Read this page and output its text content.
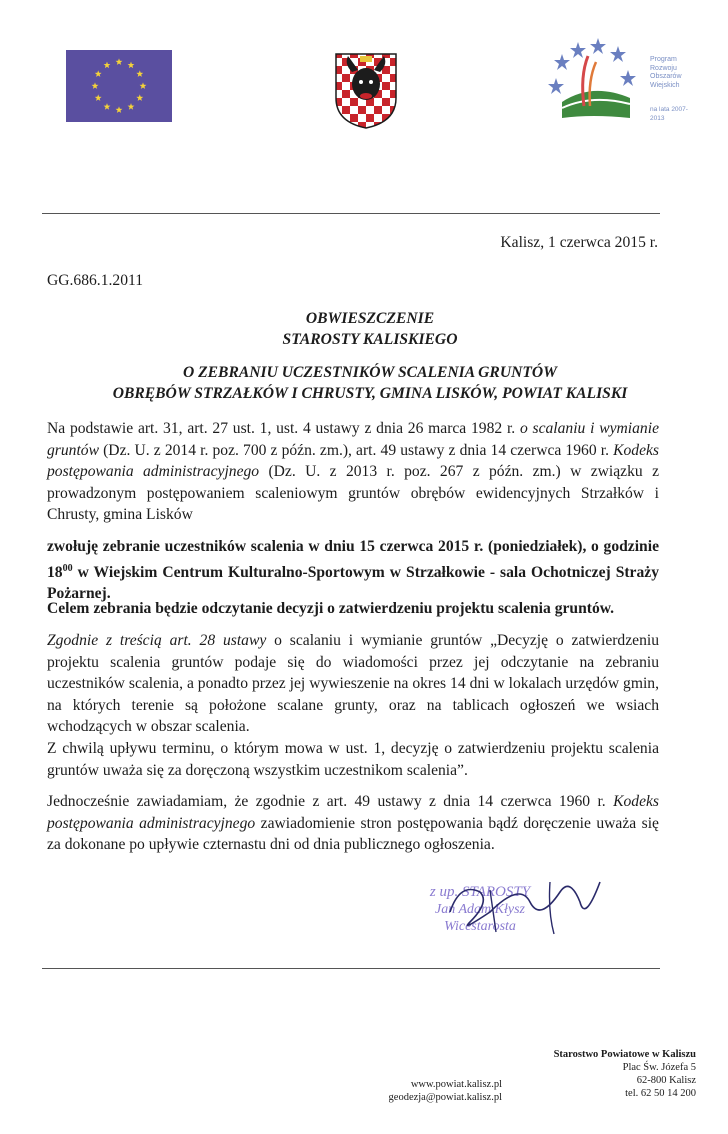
Program
Rozwoju
Obszarów
Wiejskich
na lata 2007-2013
Kalisz, 1 czerwca 2015 r.
GG.686.1.2011
OBWIESZCZENIE
STAROSTY KALISKIEGO
O ZEBRANIU UCZESTNIKÓW SCALENIA GRUNTÓW
OBRĘBÓW STRZAŁKÓW I CHRUSTY, GMINA LISKÓW, POWIAT KALISKI

Na podstawie art. 31, art. 27 ust. 1, ust. 4 ustawy z dnia 26 marca 1982 r. o scalaniu i wymianie gruntów (Dz. U. z 2014 r. poz. 700 z późn. zm.), art. 49 ustawy z dnia 14 czerwca 1960 r. Kodeks postępowania administracyjnego (Dz. U. z 2013 r. poz. 267 z późn. zm.) w związku z prowadzonym postępowaniem scaleniowym gruntów obrębów ewidencyjnych Strzałków i Chrusty, gmina Lisków

zwołuję zebranie uczestników scalenia w dniu 15 czerwca 2015 r. (poniedziałek), o godzinie $18^{00}$ w Wiejskim Centrum Kulturalno-Sportowym w Strzałkowie - sala Ochotniczej Straży Pożarnej.

Celem zebrania będzie odczytanie decyzji o zatwierdzeniu projektu scalenia gruntów.

Zgodnie z treścią art. 28 ustawy o scalaniu i wymianie gruntów „Decyzję o zatwierdzeniu projektu scalenia gruntów podaje się do wiadomości przez jej odczytanie na zebraniu uczestników scalenia, a ponadto przez jej wywieszenie na okres 14 dni w lokalach urzędów gmin, na których terenie są położone scalane grunty, oraz na tablicach ogłoszeń we wsiach wchodzących w obszar scalenia.

Z chwilą upływu terminu, o którym mowa w ust. 1, decyzję o zatwierdzeniu projektu scalenia gruntów uważa się za doręczoną wszystkim uczestnikom scalenia”.

Jednocześnie zawiadamiam, że zgodnie z art. 49 ustawy z dnia 14 czerwca 1960 r. Kodeks postępowania administracyjnego zawiadomienie stron postępowania bądź doręczenie uważa się za dokonane po upływie czternastu dni od dnia publicznego ogłoszenia.

z up. STAROSTY
Jan Adam Kłysz
Wicestarosta
www.powiat.kalisz.pl
geodezja@powiat.kalisz.pl
Starostwo Powiatowe w Kaliszu
Plac Św. Józefa 5
62-800 Kalisz
tel. 62 50 14 200
